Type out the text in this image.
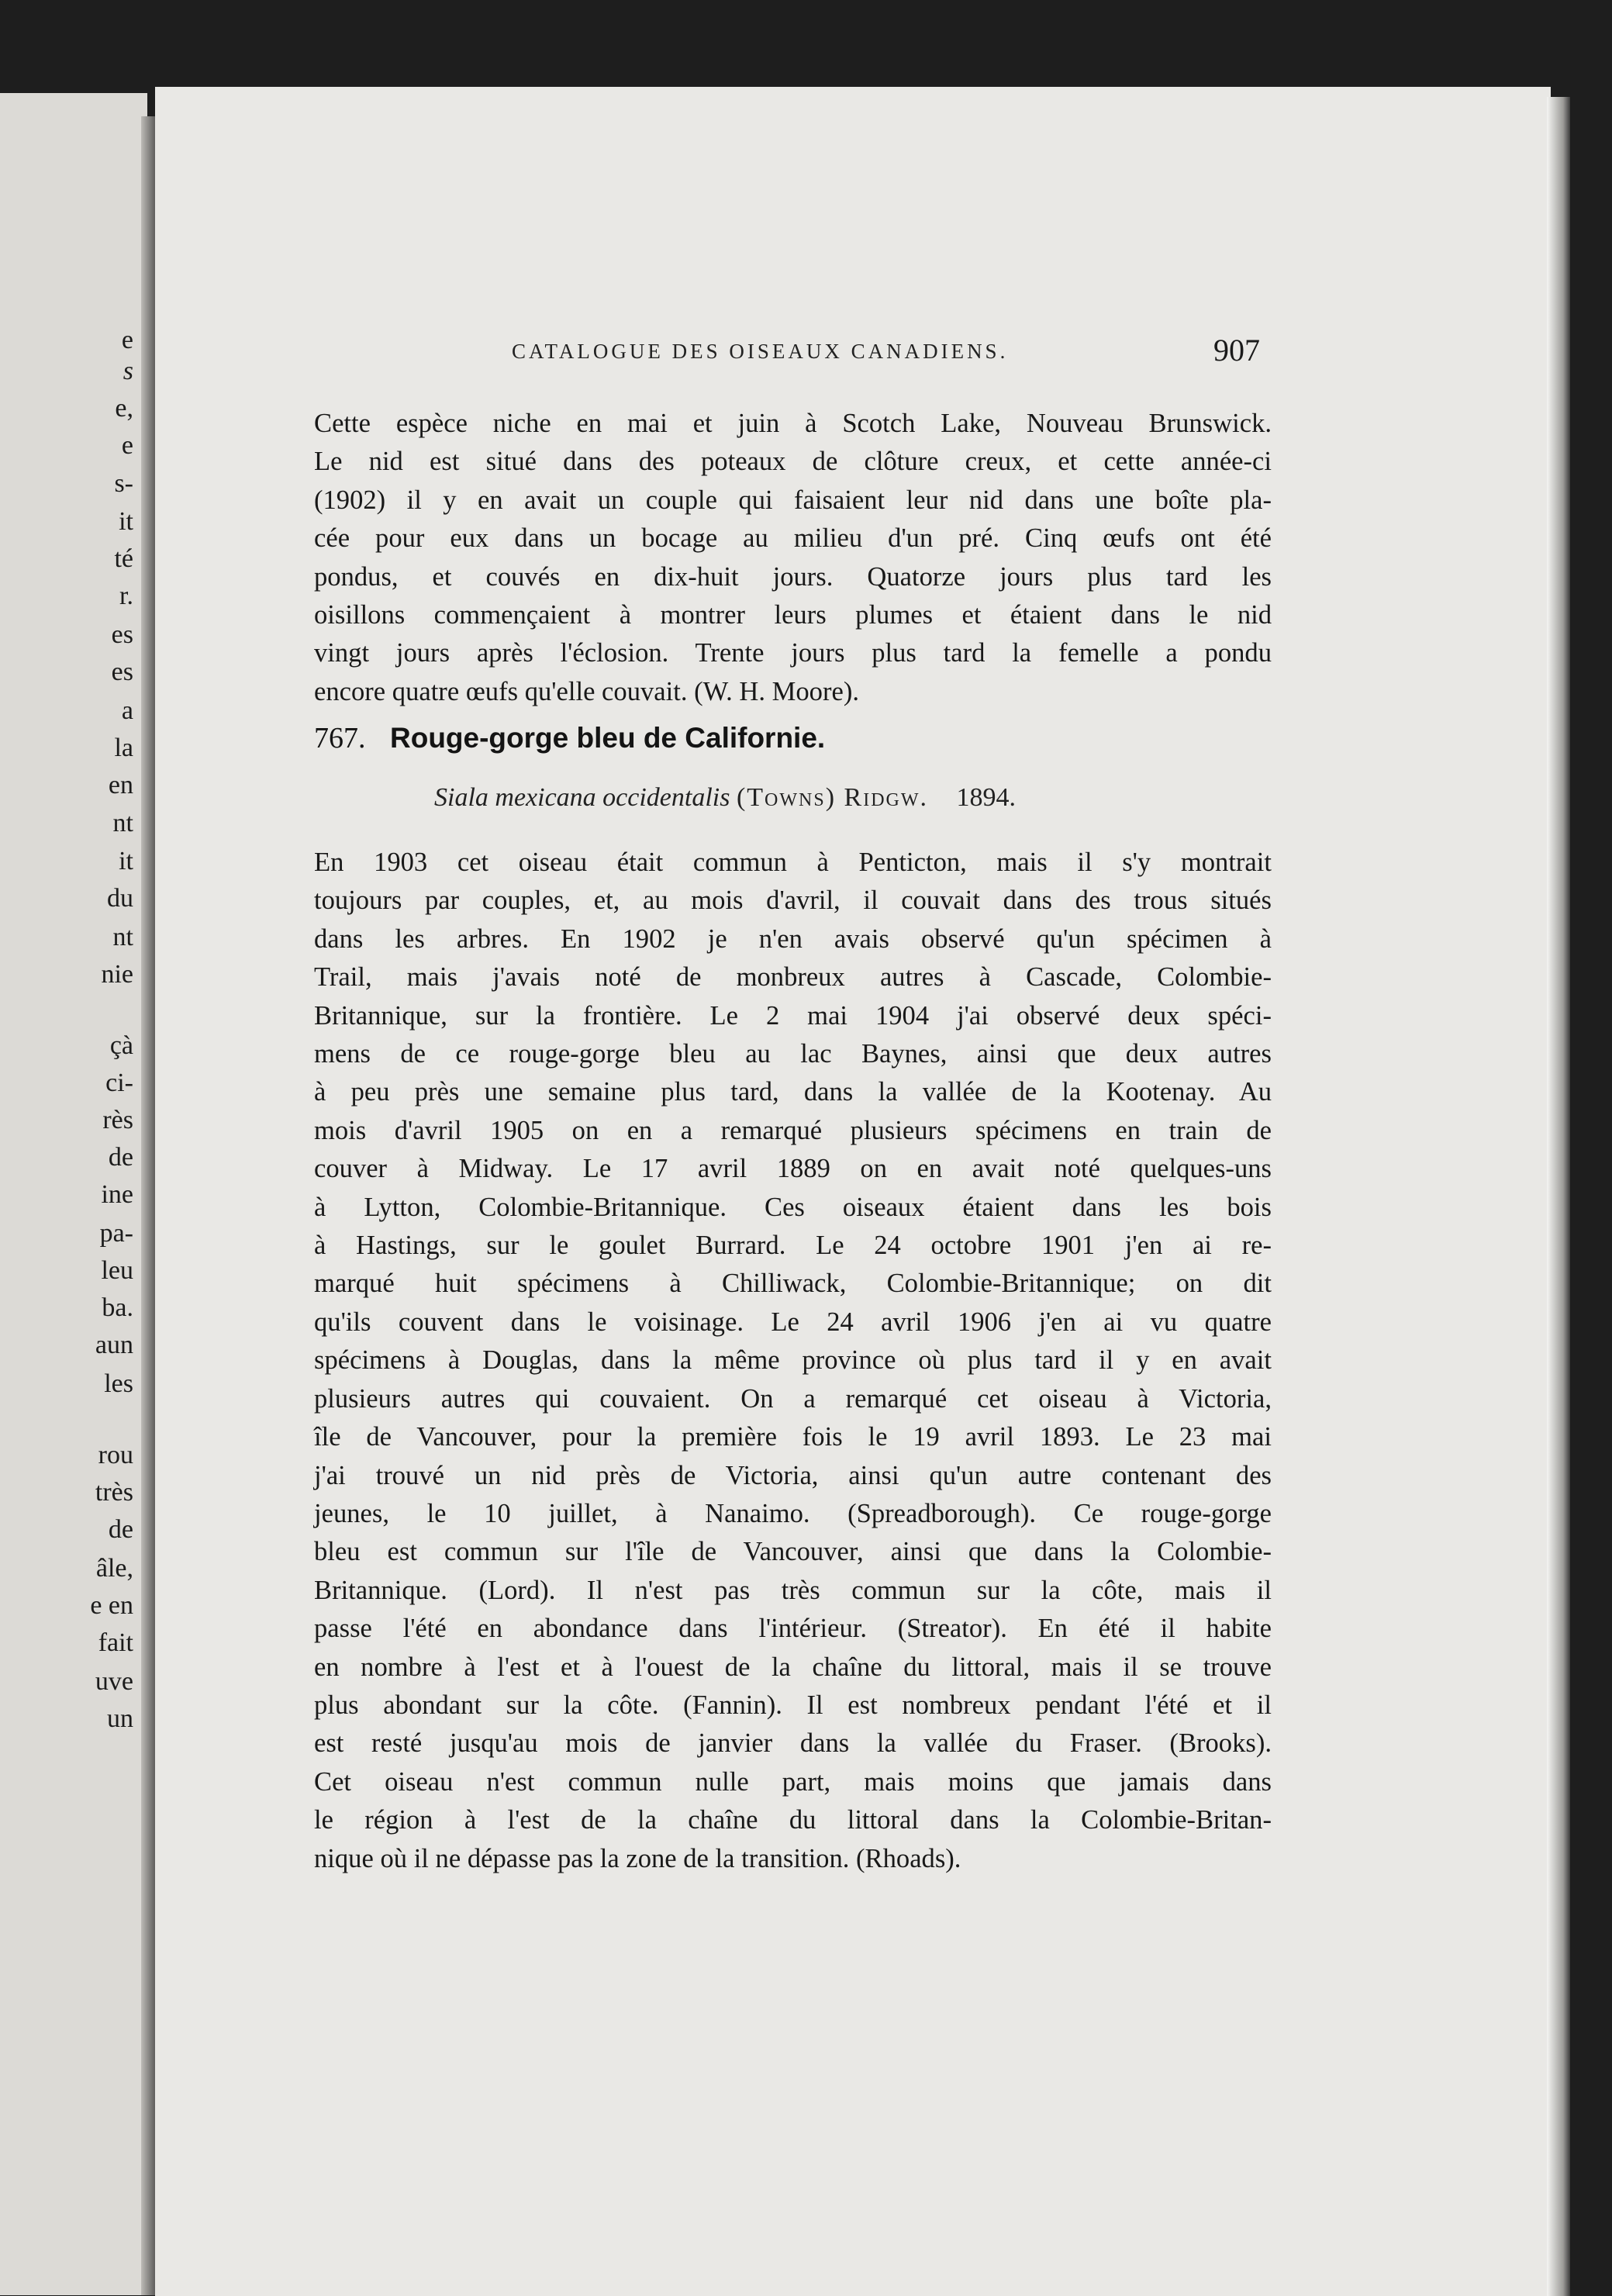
e
s
e,
e
s-
it
té
r.
es
es
a
la
en
nt
it
du
nt
nie
çà
ci-
rès
de
ine
pa-
leu
ba.
aun
les
rou
très
de
âle,
e en
fait
uve
un
CATALOGUE DES OISEAUX CANADIENS.	907
Cette espèce niche en mai et juin à Scotch Lake, Nouveau Brunswick.
Le nid est situé dans des poteaux de clôture creux, et cette année-ci
(1902) il y en avait un couple qui faisaient leur nid dans une boîte pla-
cée pour eux dans un bocage au milieu d'un pré. Cinq œufs ont été
pondus, et couvés en dix-huit jours. Quatorze jours plus tard les
oisillons commençaient à montrer leurs plumes et étaient dans le nid
vingt jours après l'éclosion. Trente jours plus tard la femelle a pondu
encore quatre œufs qu'elle couvait. (W. H. Moore).
767. Rouge-gorge bleu de Californie.
Siala mexicana occidentalis (Towns) Ridgw. 1894.
En 1903 cet oiseau était commun à Penticton, mais il s'y montrait
toujours par couples, et, au mois d'avril, il couvait dans des trous situés
dans les arbres. En 1902 je n'en avais observé qu'un spécimen à
Trail, mais j'avais noté de monbreux autres à Cascade, Colombie-
Britannique, sur la frontière. Le 2 mai 1904 j'ai observé deux spéci-
mens de ce rouge-gorge bleu au lac Baynes, ainsi que deux autres
à peu près une semaine plus tard, dans la vallée de la Kootenay. Au
mois d'avril 1905 on en a remarqué plusieurs spécimens en train de
couver à Midway. Le 17 avril 1889 on en avait noté quelques-uns
à Lytton, Colombie-Britannique. Ces oiseaux étaient dans les bois
à Hastings, sur le goulet Burrard. Le 24 octobre 1901 j'en ai re-
marqué huit spécimens à Chilliwack, Colombie-Britannique; on dit
qu'ils couvent dans le voisinage. Le 24 avril 1906 j'en ai vu quatre
spécimens à Douglas, dans la même province où plus tard il y en avait
plusieurs autres qui couvaient. On a remarqué cet oiseau à Victoria,
île de Vancouver, pour la première fois le 19 avril 1893. Le 23 mai
j'ai trouvé un nid près de Victoria, ainsi qu'un autre contenant des
jeunes, le 10 juillet, à Nanaimo. (Spreadborough). Ce rouge-gorge
bleu est commun sur l'île de Vancouver, ainsi que dans la Colombie-
Britannique. (Lord). Il n'est pas très commun sur la côte, mais il
passe l'été en abondance dans l'intérieur. (Streator). En été il habite
en nombre à l'est et à l'ouest de la chaîne du littoral, mais il se trouve
plus abondant sur la côte. (Fannin). Il est nombreux pendant l'été et il
est resté jusqu'au mois de janvier dans la vallée du Fraser. (Brooks).
Cet oiseau n'est commun nulle part, mais moins que jamais dans
le région à l'est de la chaîne du littoral dans la Colombie-Britan-
nique où il ne dépasse pas la zone de la transition. (Rhoads).
